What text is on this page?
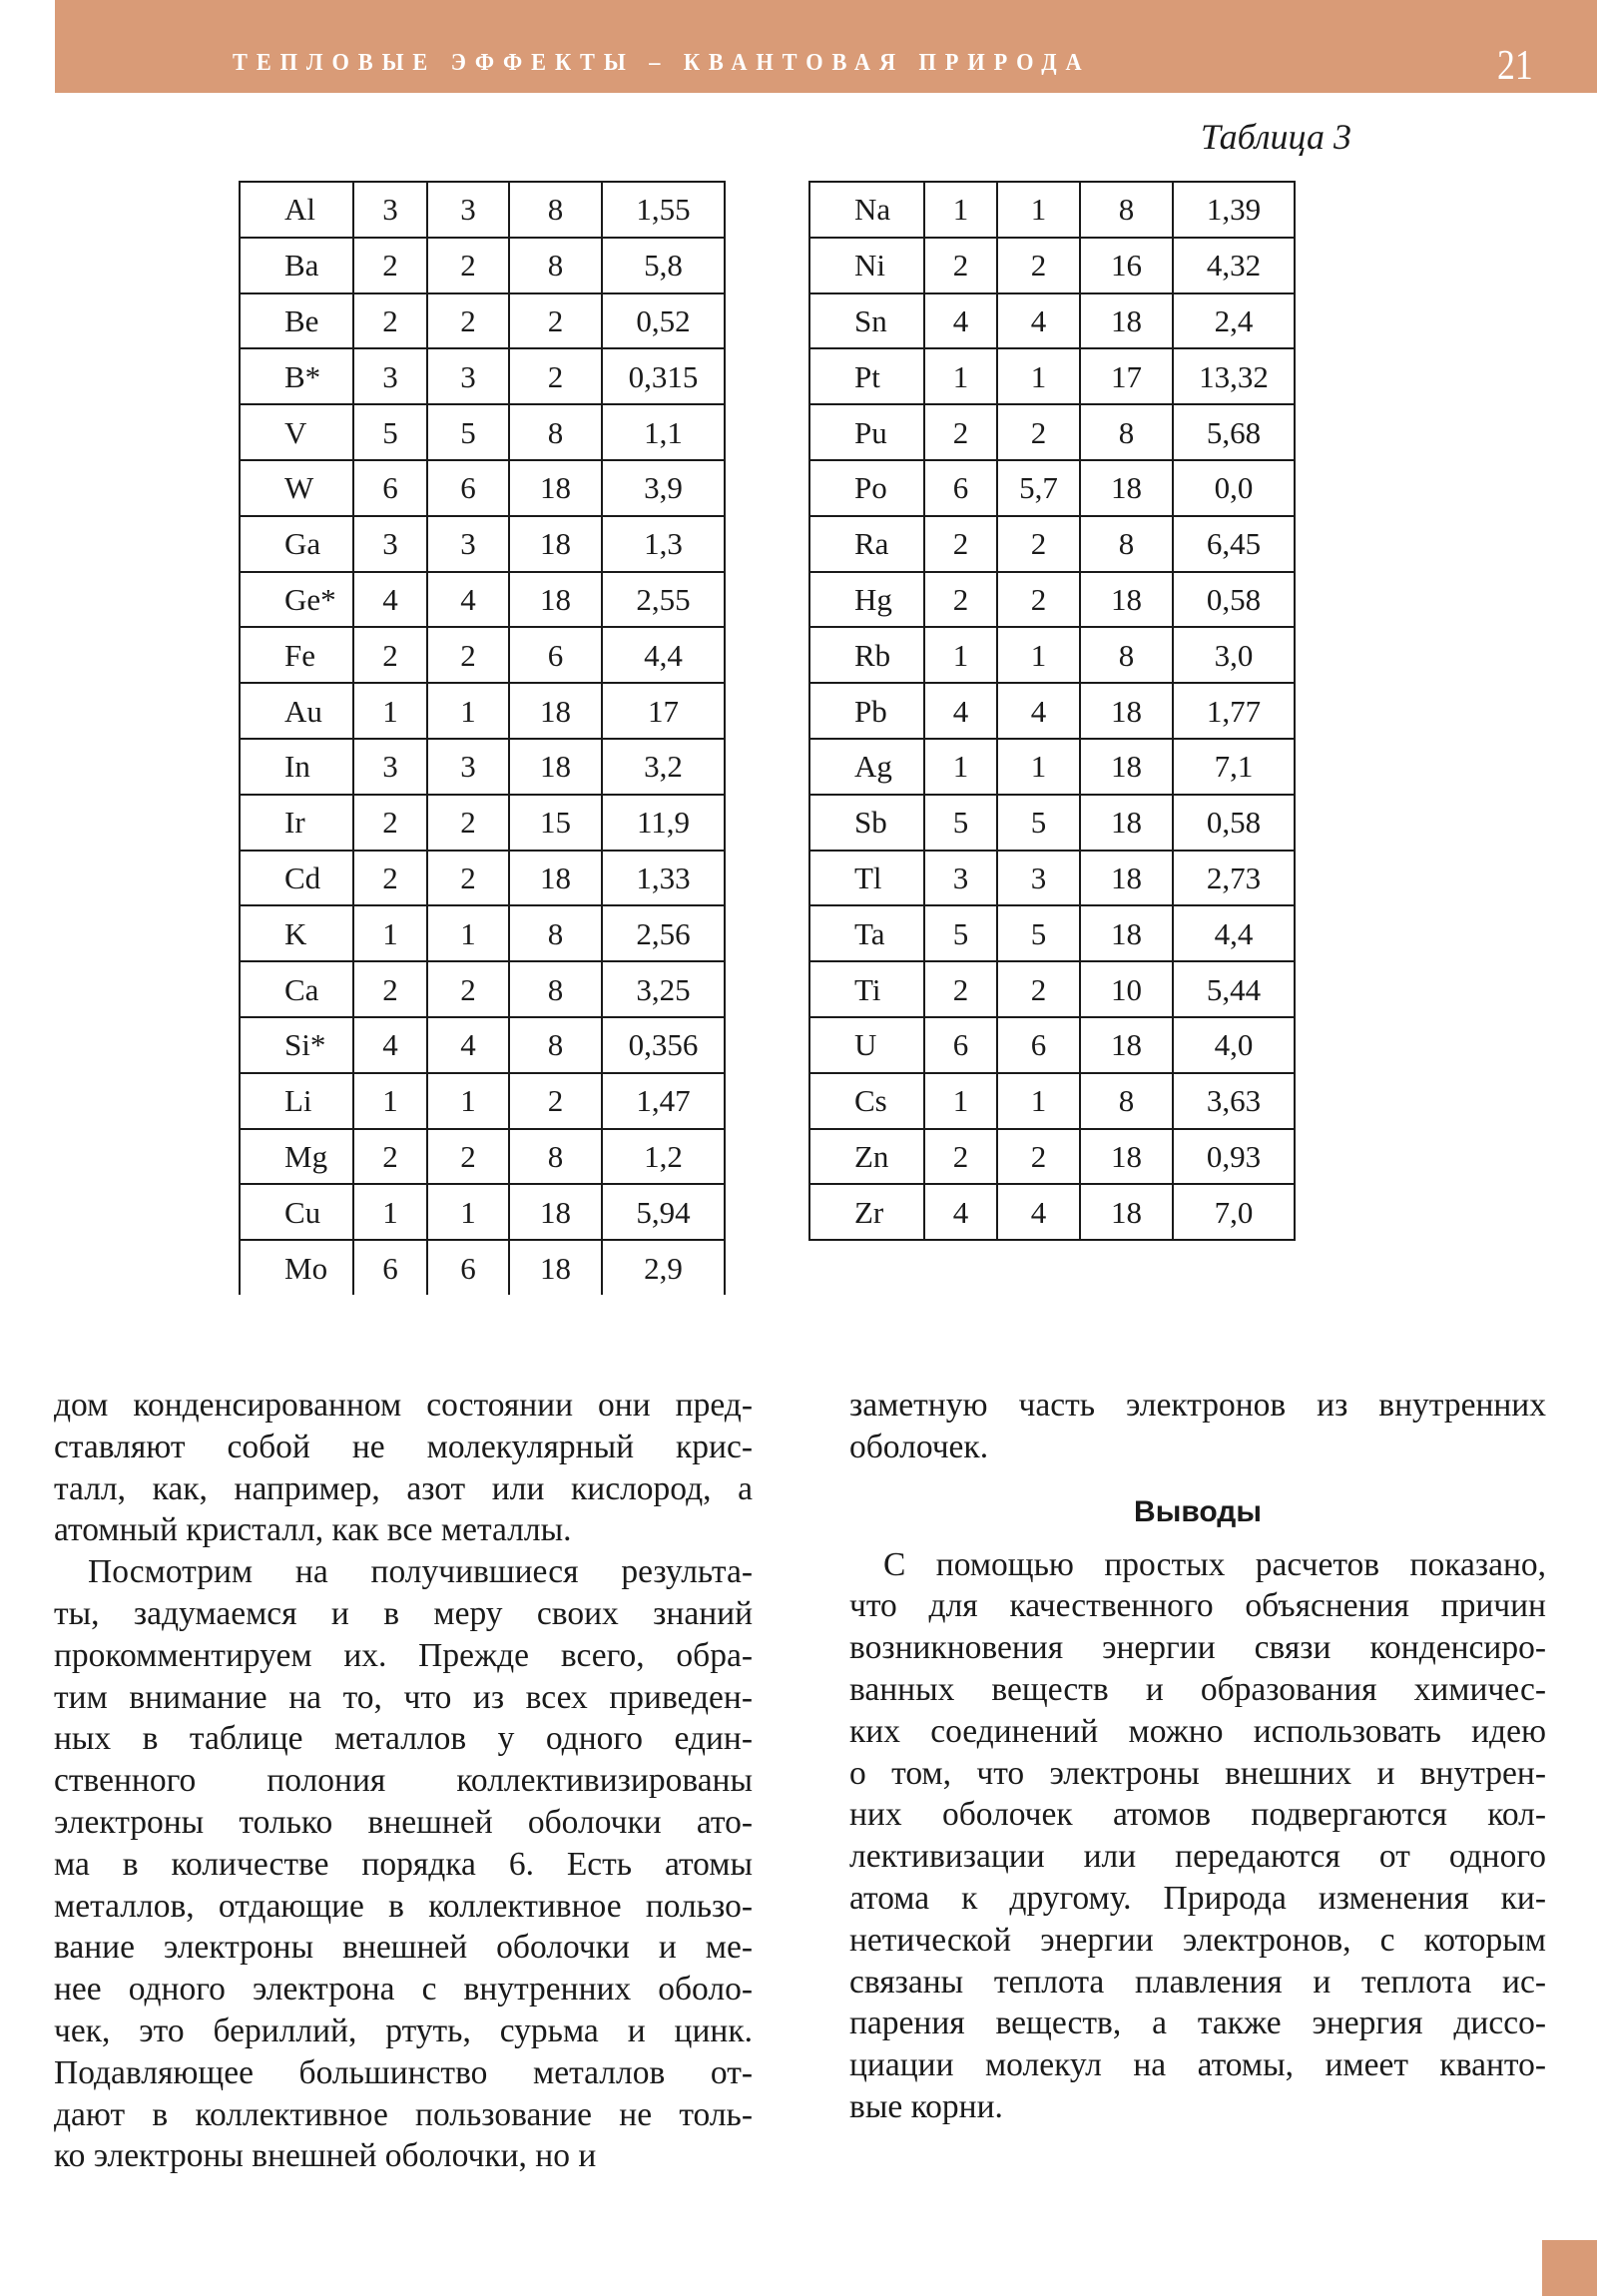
ТЕПЛОВЫЕ ЭФФЕКТЫ – КВАНТОВАЯ ПРИРОДА	21
Таблица 3
Al	3	3	8	1,55
Ba	2	2	8	5,8
Be	2	2	2	0,52
B*	3	3	2	0,315
V	5	5	8	1,1
W	6	6	18	3,9
Ga	3	3	18	1,3
Ge*	4	4	18	2,55
Fe	2	2	6	4,4
Au	1	1	18	17
In	3	3	18	3,2
Ir	2	2	15	11,9
Cd	2	2	18	1,33
K	1	1	8	2,56
Ca	2	2	8	3,25
Si*	4	4	8	0,356
Li	1	1	2	1,47
Mg	2	2	8	1,2
Cu	1	1	18	5,94
Mo	6	6	18	2,9
Na	1	1	8	1,39
Ni	2	2	16	4,32
Sn	4	4	18	2,4
Pt	1	1	17	13,32
Pu	2	2	8	5,68
Po	6	5,7	18	0,0
Ra	2	2	8	6,45
Hg	2	2	18	0,58
Rb	1	1	8	3,0
Pb	4	4	18	1,77
Ag	1	1	18	7,1
Sb	5	5	18	0,58
Tl	3	3	18	2,73
Ta	5	5	18	4,4
Ti	2	2	10	5,44
U	6	6	18	4,0
Cs	1	1	8	3,63
Zn	2	2	18	0,93
Zr	4	4	18	7,0

дом конденсированном состоянии они пред-
ставляют собой не молекулярный крис-
талл, как, например, азот или кислород, а
атомный кристалл, как все металлы.

Посмотрим на получившиеся результа-
ты, задумаемся и в меру своих знаний
прокомментируем их. Прежде всего, обра-
тим внимание на то, что из всех приведен-
ных в таблице металлов у одного един-
ственного полония коллективизированы
электроны только внешней оболочки ато-
ма в количестве порядка 6. Есть атомы
металлов, отдающие в коллективное пользо-
вание электроны внешней оболочки и ме-
нее одного электрона с внутренних оболо-
чек, это бериллий, ртуть, сурьма и цинк.
Подавляющее большинство металлов от-
дают в коллективное пользование не толь-
ко электроны внешней оболочки, но и

заметную часть электронов из внутренних
оболочек.

Выводы

С помощью простых расчетов показано,
что для качественного объяснения причин
возникновения энергии связи конденсиро-
ванных веществ и образования химичес-
ких соединений можно использовать идею
о том, что электроны внешних и внутрен-
них оболочек атомов подвергаются кол-
лективизации или передаются от одного
атома к другому. Природа изменения ки-
нетической энергии электронов, с которым
связаны теплота плавления и теплота ис-
парения веществ, а также энергия диссо-
циации молекул на атомы, имеет кванто-
вые корни.
